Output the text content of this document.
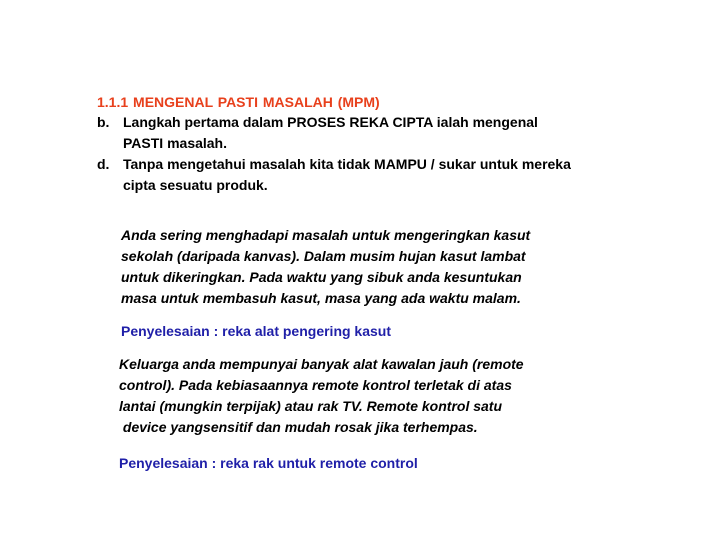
1.1.1 MENGENAL PASTI MASALAH (MPM)
b. Langkah pertama dalam PROSES REKA CIPTA ialah mengenal
PASTI masalah.
d. Tanpa mengetahui masalah kita tidak MAMPU / sukar untuk mereka
cipta sesuatu produk.
Anda sering menghadapi masalah untuk mengeringkan kasut
sekolah (daripada kanvas). Dalam musim hujan kasut lambat
untuk dikeringkan. Pada waktu yang sibuk anda kesuntukan
masa untuk membasuh kasut, masa yang ada waktu malam.
Penyelesaian : reka alat pengering kasut
Keluarga anda mempunyai banyak alat kawalan jauh (remote
control). Pada kebiasaannya remote kontrol terletak di atas
lantai (mungkin terpijak) atau rak TV. Remote kontrol satu
device yangsensitif dan mudah rosak jika terhempas.
Penyelesaian : reka rak untuk remote control
